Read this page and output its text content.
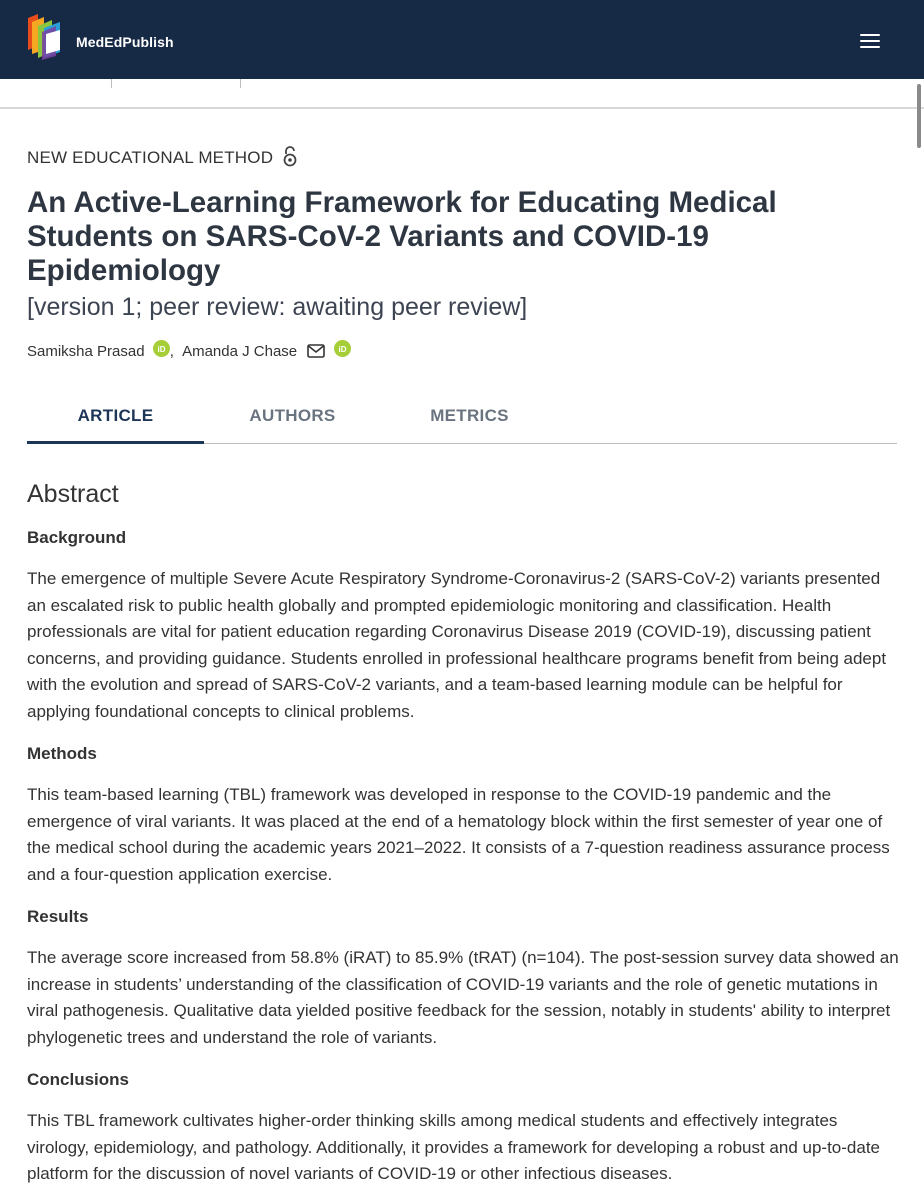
MedEdPublish
NEW EDUCATIONAL METHOD
An Active-Learning Framework for Educating Medical Students on SARS-CoV-2 Variants and COVID-19 Epidemiology
[version 1; peer review: awaiting peer review]
Samiksha Prasad iD , Amanda J Chase	iD
ARTICLE	AUTHORS	METRICS
Abstract
Background

The emergence of multiple Severe Acute Respiratory Syndrome-Coronavirus-2 (SARS-CoV-2) variants presented an escalated risk to public health globally and prompted epidemiologic monitoring and classification. Health professionals are vital for patient education regarding Coronavirus Disease 2019 (COVID-19), discussing patient concerns, and providing guidance. Students enrolled in professional healthcare programs benefit from being adept with the evolution and spread of SARS-CoV-2 variants, and a team-based learning module can be helpful for applying foundational concepts to clinical problems.

Methods

This team-based learning (TBL) framework was developed in response to the COVID-19 pandemic and the emergence of viral variants. It was placed at the end of a hematology block within the first semester of year one of the medical school during the academic years 2021–2022. It consists of a 7-question readiness assurance process and a four-question application exercise.

Results

The average score increased from 58.8% (iRAT) to 85.9% (tRAT) (n=104). The post-session survey data showed an increase in students’ understanding of the classification of COVID-19 variants and the role of genetic mutations in viral pathogenesis. Qualitative data yielded positive feedback for the session, notably in students' ability to interpret phylogenetic trees and understand the role of variants.

Conclusions

This TBL framework cultivates higher-order thinking skills among medical students and effectively integrates virology, epidemiology, and pathology. Additionally, it provides a framework for developing a robust and up-to-date platform for the discussion of novel variants of COVID-19 or other infectious diseases.
